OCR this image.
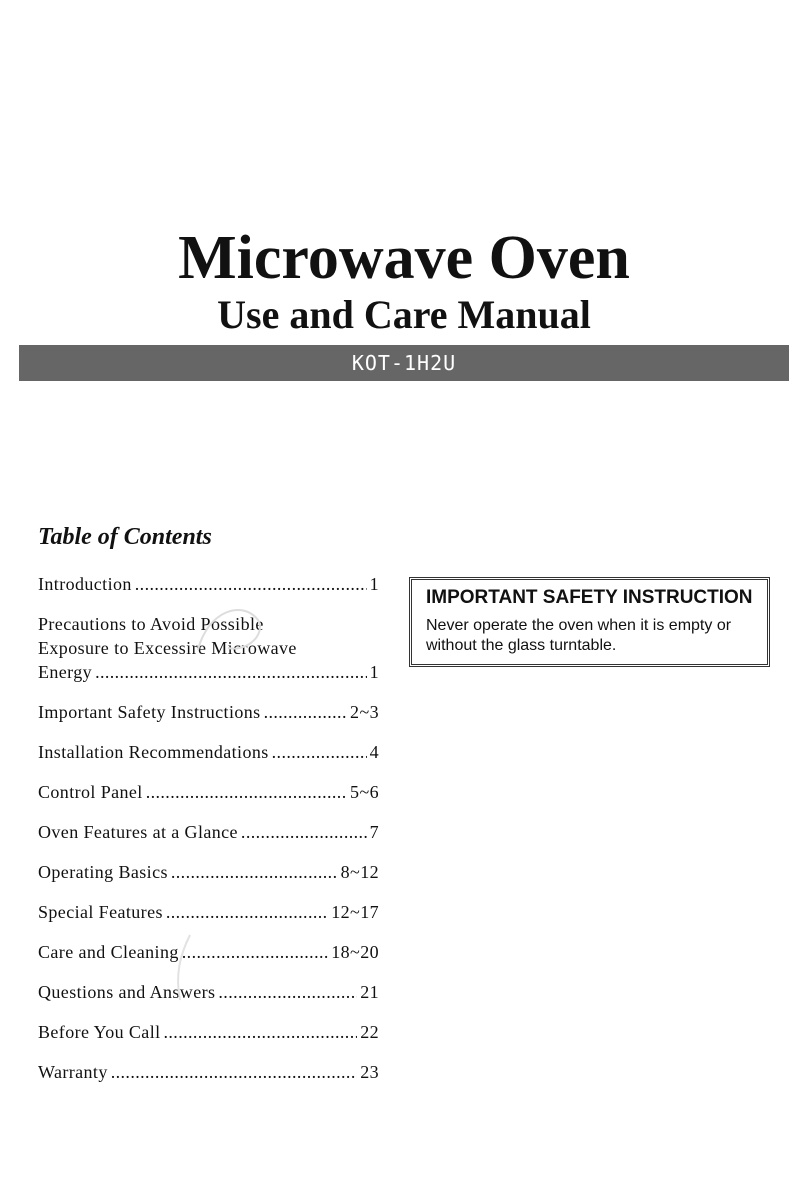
Microwave Oven
Use and Care Manual
KOT-1H2U
Table of Contents
Introduction .....	1
Precautions to Avoid Possible
Exposure to Excessire Microwave
Energy .....	1
Important Safety Instructions .....	2~3
Installation Recommendations .....	4
Control Panel .....	5~6
Oven Features at a Glance .....	7
Operating Basics .....	8~12
Special Features .....	12~17
Care and Cleaning .....	18~20
Questions and Answers .....	21
Before You Call .....	22
Warranty .....	23
IMPORTANT SAFETY INSTRUCTION

Never operate the oven when it is empty or without the glass turntable.
